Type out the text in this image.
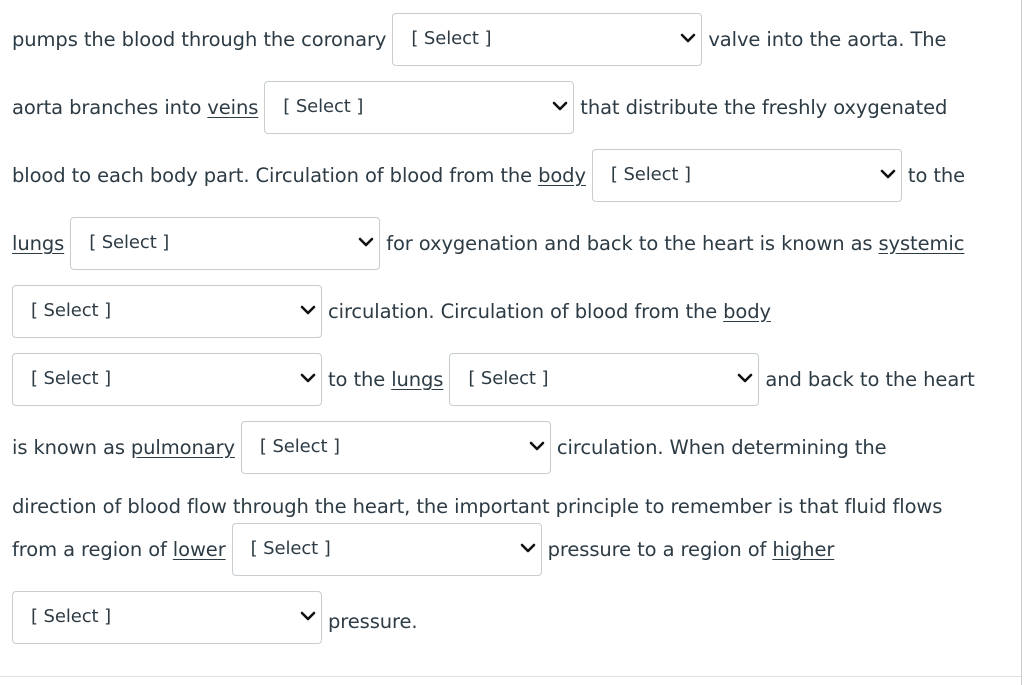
pumps the blood through the coronary [ Select ]	valve into the aorta. The
aorta branches into veins [ Select ]	that distribute the freshly oxygenated
blood to each body part. Circulation of blood from the body [ Select ]	to the
lungs [ Select ]	for oxygenation and back to the heart is known as systemic
[ Select ]	circulation. Circulation of blood from the body
[ Select ]	to the lungs [ Select ]	and back to the heart
is known as pulmonary [ Select ]	circulation. When determining the
direction of blood flow through the heart, the important principle to remember is that fluid flows
from a region of lower [ Select ]	pressure to a region of higher
[ Select ]	pressure.
